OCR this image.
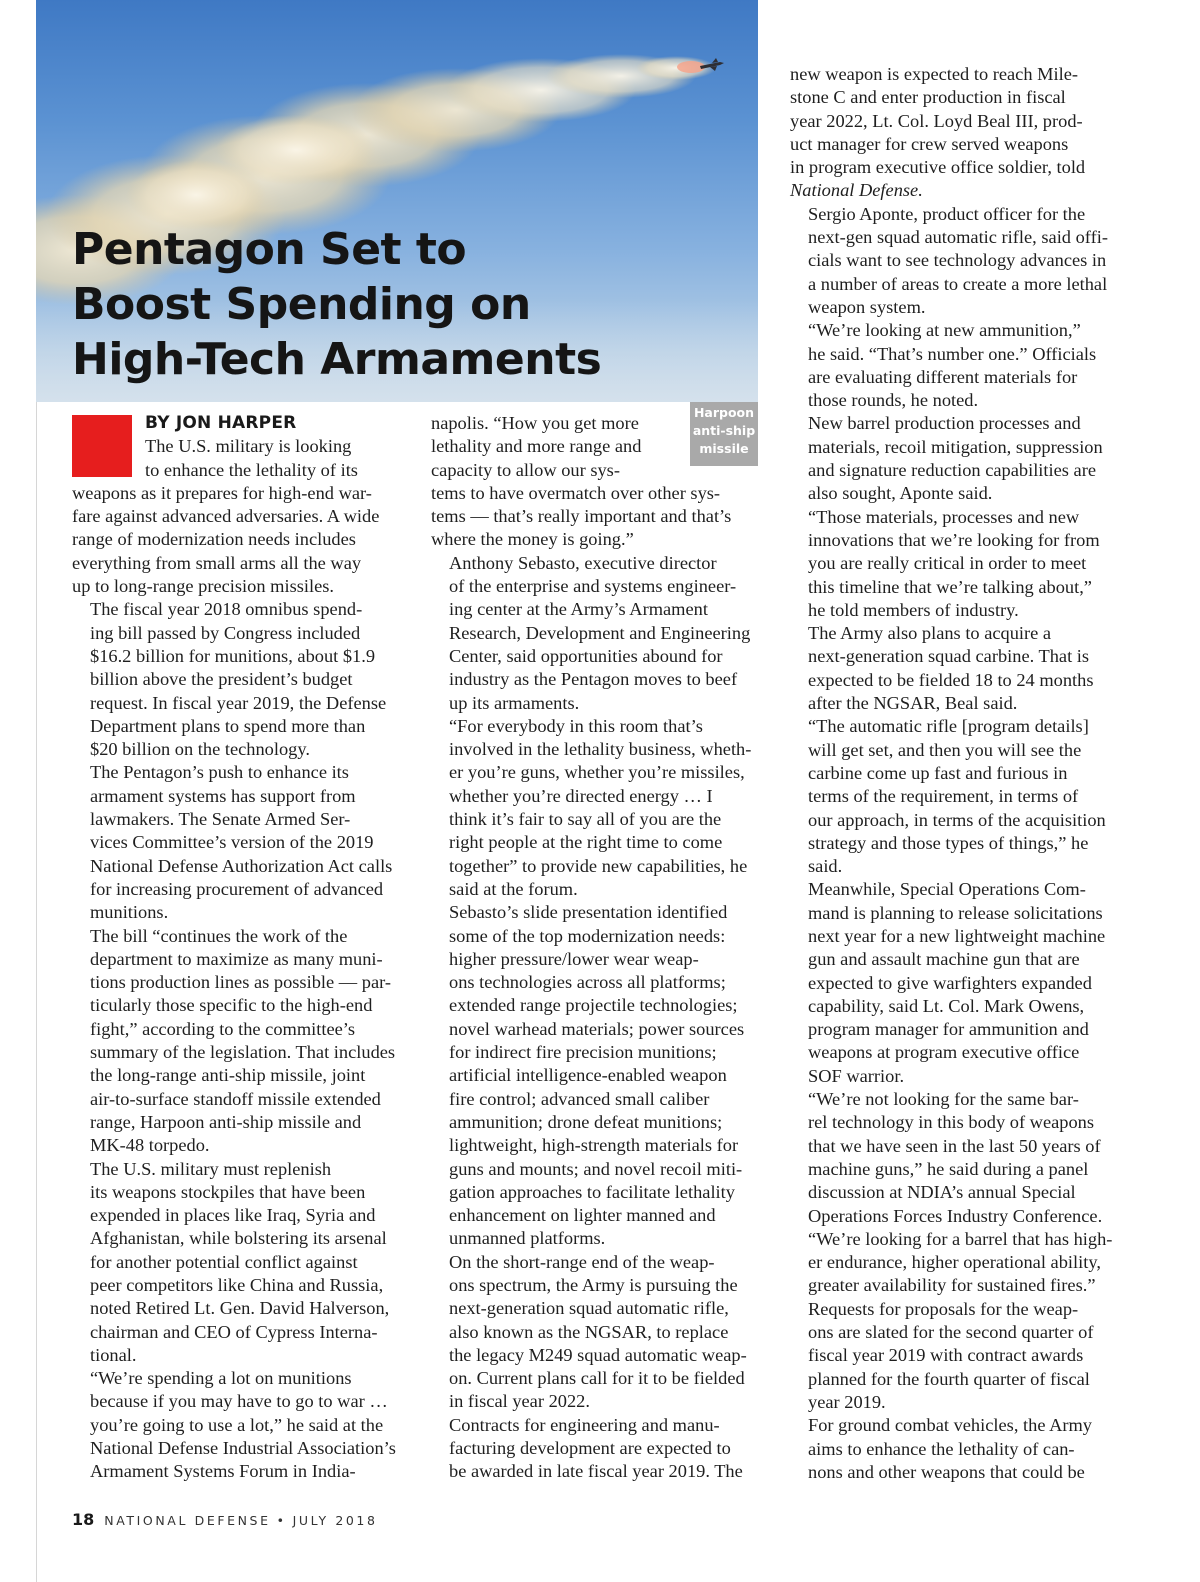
Pentagon Set to
Boost Spending on
High-Tech Armaments
Harpoon
anti-ship
missile
BY JON HARPER

The U.S. military is looking
to enhance the lethality of its
weapons as it prepares for high-end war-
fare against advanced adversaries. A wide
range of modernization needs includes
everything from small arms all the way
up to long-range precision missiles.

The fiscal year 2018 omnibus spend-
ing bill passed by Congress included
$16.2 billion for munitions, about $1.9
billion above the president’s budget
request. In fiscal year 2019, the Defense
Department plans to spend more than
$20 billion on the technology.

The Pentagon’s push to enhance its
armament systems has support from
lawmakers. The Senate Armed Ser-
vices Committee’s version of the 2019
National Defense Authorization Act calls
for increasing procurement of advanced
munitions.

The bill “continues the work of the
department to maximize as many muni-
tions production lines as possible — par-
ticularly those specific to the high-end
fight,” according to the committee’s
summary of the legislation. That includes
the long-range anti-ship missile, joint
air-to-surface standoff missile extended
range, Harpoon anti-ship missile and
MK-48 torpedo.

The U.S. military must replenish
its weapons stockpiles that have been
expended in places like Iraq, Syria and
Afghanistan, while bolstering its arsenal
for another potential conflict against
peer competitors like China and Russia,
noted Retired Lt. Gen. David Halverson,
chairman and CEO of Cypress Interna-
tional.

“We’re spending a lot on munitions
because if you may have to go to war …
you’re going to use a lot,” he said at the
National Defense Industrial Association’s
Armament Systems Forum in India-

napolis. “How you get more
lethality and more range and
capacity to allow our sys-
tems to have overmatch over other sys-
tems — that’s really important and that’s
where the money is going.”

Anthony Sebasto, executive director
of the enterprise and systems engineer-
ing center at the Army’s Armament
Research, Development and Engineering
Center, said opportunities abound for
industry as the Pentagon moves to beef
up its armaments.

“For everybody in this room that’s
involved in the lethality business, wheth-
er you’re guns, whether you’re missiles,
whether you’re directed energy … I
think it’s fair to say all of you are the
right people at the right time to come
together” to provide new capabilities, he
said at the forum.

Sebasto’s slide presentation identified
some of the top modernization needs:
higher pressure/lower wear weap-
ons technologies across all platforms;
extended range projectile technologies;
novel warhead materials; power sources
for indirect fire precision munitions;
artificial intelligence-enabled weapon
fire control; advanced small caliber
ammunition; drone defeat munitions;
lightweight, high-strength materials for
guns and mounts; and novel recoil miti-
gation approaches to facilitate lethality
enhancement on lighter manned and
unmanned platforms.

On the short-range end of the weap-
ons spectrum, the Army is pursuing the
next-generation squad automatic rifle,
also known as the NGSAR, to replace
the legacy M249 squad automatic weap-
on. Current plans call for it to be fielded
in fiscal year 2022.

Contracts for engineering and manu-
facturing development are expected to
be awarded in late fiscal year 2019. The

new weapon is expected to reach Mile-
stone C and enter production in fiscal
year 2022, Lt. Col. Loyd Beal III, prod-
uct manager for crew served weapons
in program executive office soldier, told
National Defense.

Sergio Aponte, product officer for the
next-gen squad automatic rifle, said offi-
cials want to see technology advances in
a number of areas to create a more lethal
weapon system.

“We’re looking at new ammunition,”
he said. “That’s number one.” Officials
are evaluating different materials for
those rounds, he noted.

New barrel production processes and
materials, recoil mitigation, suppression
and signature reduction capabilities are
also sought, Aponte said.

“Those materials, processes and new
innovations that we’re looking for from
you are really critical in order to meet
this timeline that we’re talking about,”
he told members of industry.

The Army also plans to acquire a
next-generation squad carbine. That is
expected to be fielded 18 to 24 months
after the NGSAR, Beal said.

“The automatic rifle [program details]
will get set, and then you will see the
carbine come up fast and furious in
terms of the requirement, in terms of
our approach, in terms of the acquisition
strategy and those types of things,” he
said.

Meanwhile, Special Operations Com-
mand is planning to release solicitations
next year for a new lightweight machine
gun and assault machine gun that are
expected to give warfighters expanded
capability, said Lt. Col. Mark Owens,
program manager for ammunition and
weapons at program executive office
SOF warrior.

“We’re not looking for the same bar-
rel technology in this body of weapons
that we have seen in the last 50 years of
machine guns,” he said during a panel
discussion at NDIA’s annual Special
Operations Forces Industry Conference.
“We’re looking for a barrel that has high-
er endurance, higher operational ability,
greater availability for sustained fires.”

Requests for proposals for the weap-
ons are slated for the second quarter of
fiscal year 2019 with contract awards
planned for the fourth quarter of fiscal
year 2019.

For ground combat vehicles, the Army
aims to enhance the lethality of can-
nons and other weapons that could be

18 NATIONAL DEFENSE • JULY 2018
